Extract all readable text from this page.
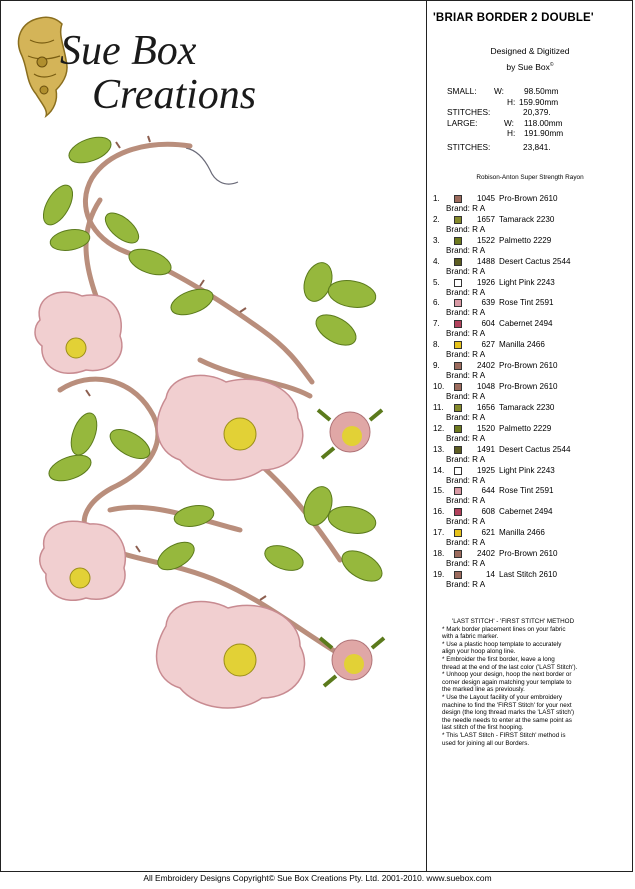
Sue Box
Creations
'BRIAR BORDER 2 DOUBLE'
Designed & Digitized
by Sue Box©
SMALL: W: 98.50mm
H: 159.90mm
STITCHES:	20,379.
LARGE:	W: 118.00mm
H: 191.90mm
STITCHES:	23,841.
Robison-Anton Super Strength Rayon
1.	1045 Pro-Brown 2610
Brand: R A
2.	1657 Tamarack 2230
Brand: R A
3.	1522 Palmetto 2229
Brand: R A
4.	1488 Desert Cactus 2544
Brand: R A
5.	1926 Light Pink 2243
Brand: R A
6.	639 Rose Tint 2591
Brand: R A
7.	604 Cabernet 2494
Brand: R A
8.	627 Manilla 2466
Brand: R A
9.	2402 Pro-Brown 2610
Brand: R A
10.	1048 Pro-Brown 2610
Brand: R A
11.	1656 Tamarack 2230
Brand: R A
12.	1520 Palmetto 2229
Brand: R A
13.	1491 Desert Cactus 2544
Brand: R A
14.	1925 Light Pink 2243
Brand: R A
15.	644 Rose Tint 2591
Brand: R A
16.	608 Cabernet 2494
Brand: R A
17.	621 Manilla 2466
Brand: R A
18.	2402 Pro-Brown 2610
Brand: R A
19.	14 Last Stitch 2610
Brand: R A
'LAST STITCH' - 'FIRST STITCH' METHOD
* Mark border placement lines on your fabric
with a fabric marker.
* Use a plastic hoop template to accurately
align your hoop along line.
* Embroider the first border, leave a long
thread at the end of the last color ('LAST Stitch').
* Unhoop your design, hoop the next border or
corner design again matching your template to
the marked line as previously.
* Use the Layout facility of your embroidery
machine to find the 'FIRST Stitch' for your next
design (the long thread marks the 'LAST stitch')
the needle needs to enter at the same point as
last stitch of the first hooping.
* This 'LAST Stitch - FIRST Stitch' method is
used for joining all our Borders.
All Embroidery Designs Copyright© Sue Box Creations Pty. Ltd. 2001-2010. www.suebox.com
